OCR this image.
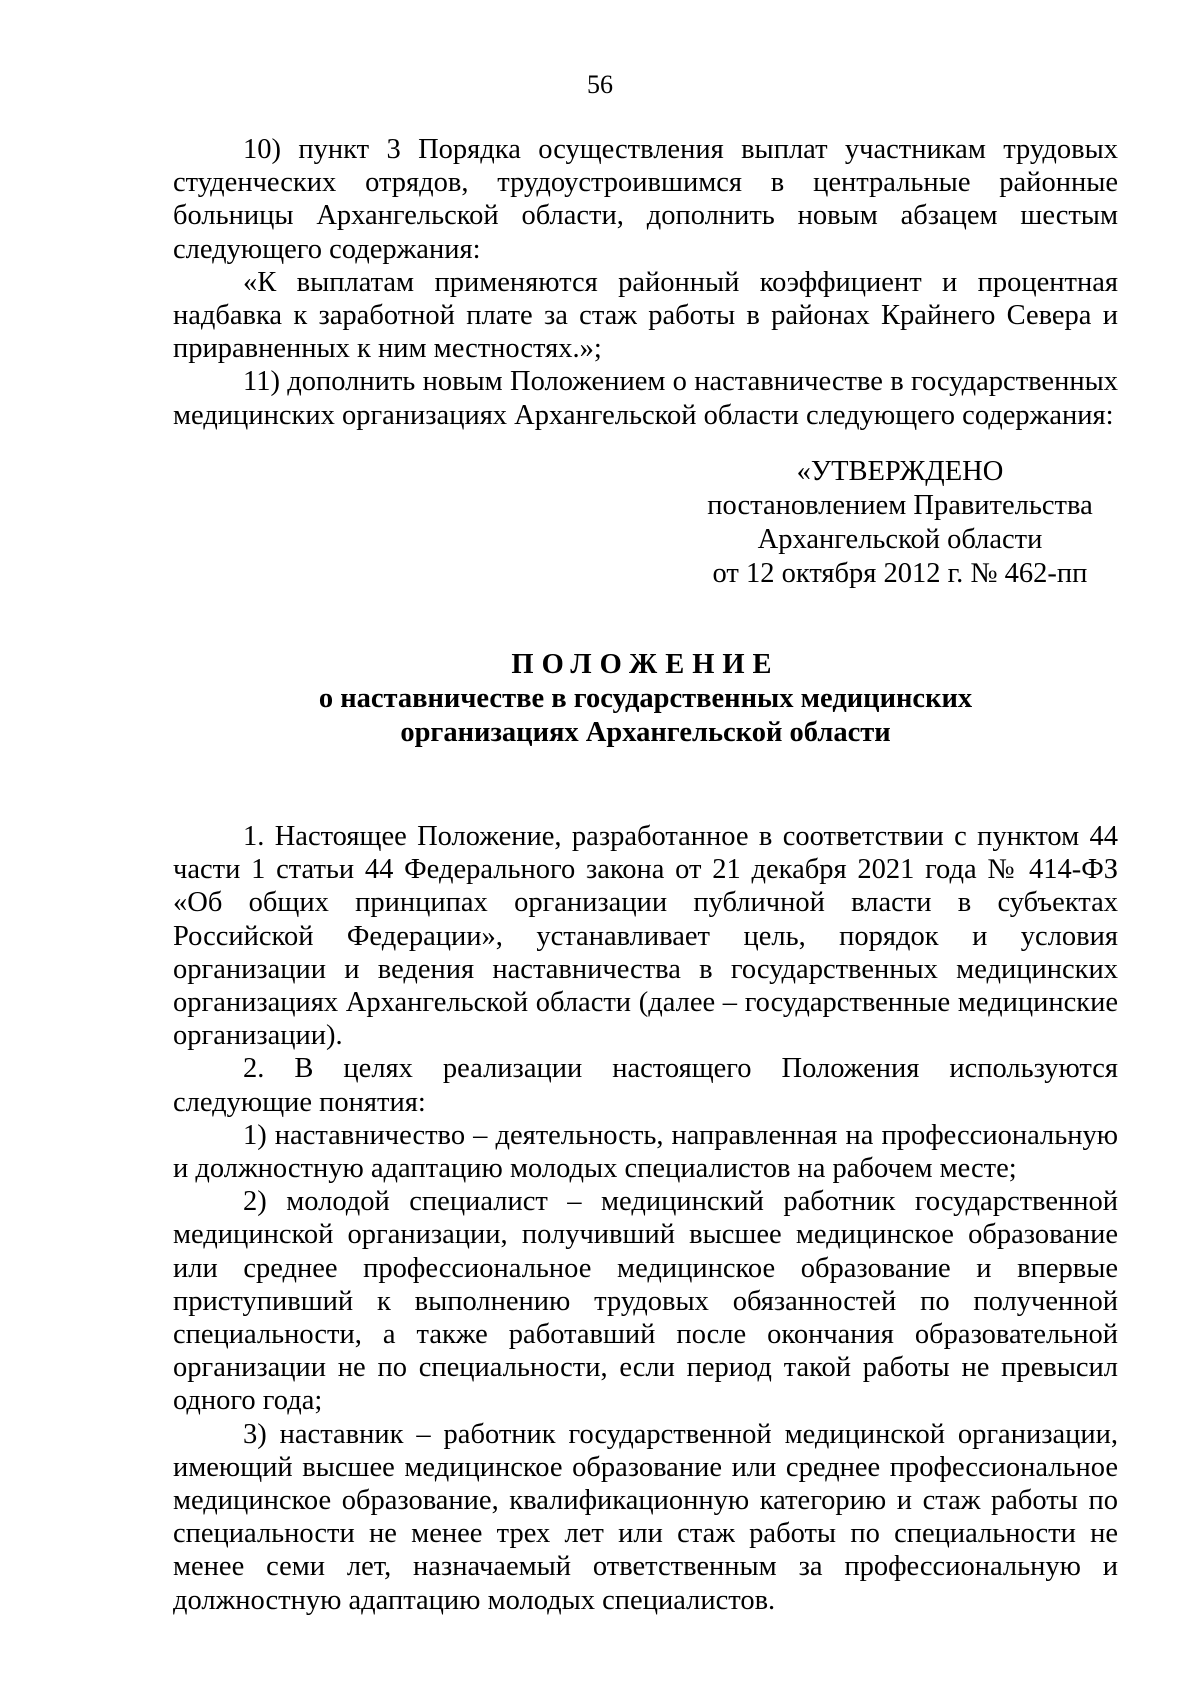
56

10) пункт 3 Порядка осуществления выплат участникам трудовых студенческих отрядов, трудоустроившимся в центральные районные больницы Архангельской области, дополнить новым абзацем шестым следующего содержания:

«К выплатам применяются районный коэффициент и процентная надбавка к заработной плате за стаж работы в районах Крайнего Севера и приравненных к ним местностях.»;

11) дополнить новым Положением о наставничестве в государственных медицинских организациях Архангельской области следующего содержания:

«УТВЕРЖДЕНО
постановлением Правительства
Архангельской области
от 12 октября 2012 г. № 462-пп
ПОЛОЖЕНИЕ
о наставничестве в государственных медицинских
организациях Архангельской области

1. Настоящее Положение, разработанное в соответствии с пунктом 44 части 1 статьи 44 Федерального закона от 21 декабря 2021 года № 414-ФЗ «Об общих принципах организации публичной власти в субъектах Российской Федерации», устанавливает цель, порядок и условия организации и ведения наставничества в государственных медицинских организациях Архангельской области (далее – государственные медицинские организации).

2. В целях реализации настоящего Положения используются следующие понятия:

1) наставничество – деятельность, направленная на профессиональную и должностную адаптацию молодых специалистов на рабочем месте;

2) молодой специалист – медицинский работник государственной медицинской организации, получивший высшее медицинское образование или среднее профессиональное медицинское образование и впервые приступивший к выполнению трудовых обязанностей по полученной специальности, а также работавший после окончания образовательной организации не по специальности, если период такой работы не превысил одного года;

3) наставник – работник государственной медицинской организации, имеющий высшее медицинское образование или среднее профессиональное медицинское образование, квалификационную категорию и стаж работы по специальности не менее трех лет или стаж работы по специальности не менее семи лет, назначаемый ответственным за профессиональную и должностную адаптацию молодых специалистов.
